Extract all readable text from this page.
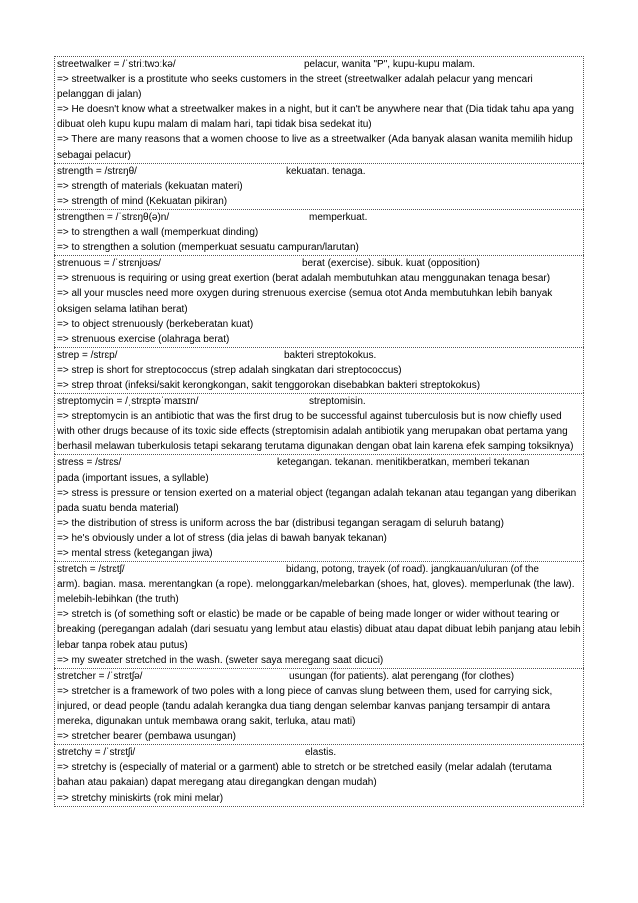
streetwalker = /ˈstriːtwɔːkə/	pelacur, wanita "P", kupu-kupu malam.
=> streetwalker is a prostitute who seeks customers in the street (streetwalker adalah pelacur yang mencari pelanggan di jalan)
=> He doesn't know what a streetwalker makes in a night, but it can't be anywhere near that (Dia tidak tahu apa yang dibuat oleh kupu kupu malam di malam hari, tapi tidak bisa sedekat itu)
=> There are many reasons that a women choose to live as a streetwalker (Ada banyak alasan wanita memilih hidup sebagai pelacur)
strength = /strɛŋθ/	kekuatan. tenaga.
=> strength of materials (kekuatan materi)
=> strength of mind (Kekuatan pikiran)
strengthen = /ˈstrɛŋθ(ə)n/	memperkuat.
=> to strengthen a wall (memperkuat dinding)
=> to strengthen a solution (memperkuat sesuatu campuran/larutan)
strenuous = /ˈstrɛnjʊəs/	berat (exercise). sibuk. kuat (opposition)
=> strenuous is requiring or using great exertion (berat adalah membutuhkan atau menggunakan tenaga besar)
=> all your muscles need more oxygen during strenuous exercise (semua otot Anda membutuhkan lebih banyak oksigen selama latihan berat)
=> to object strenuously (berkeberatan kuat)
=> strenuous exercise (olahraga berat)
strep = /strɛp/	bakteri streptokokus.
=> strep is short for streptococcus (strep adalah singkatan dari streptococcus)
=> strep throat (infeksi/sakit kerongkongan, sakit tenggorokan disebabkan bakteri streptokokus)
streptomycin = /ˌstrɛptəˈmaɪsɪn/	streptomisin.
=> streptomycin is an antibiotic that was the first drug to be successful against tuberculosis but is now chiefly used with other drugs because of its toxic side effects (streptomisin adalah antibiotik yang merupakan obat pertama yang berhasil melawan tuberkulosis tetapi sekarang terutama digunakan dengan obat lain karena efek samping toksiknya)
stress = /strɛs/	ketegangan. tekanan. menitikberatkan, memberi tekanan
pada (important issues, a syllable)
=> stress is pressure or tension exerted on a material object (tegangan adalah tekanan atau tegangan yang diberikan pada suatu benda material)
=> the distribution of stress is uniform across the bar (distribusi tegangan seragam di seluruh batang)
=> he's obviously under a lot of stress (dia jelas di bawah banyak tekanan)
=> mental stress (ketegangan jiwa)
stretch = /strɛtʃ/	bidang, potong, trayek (of road). jangkauan/uluran (of the
arm). bagian. masa. merentangkan (a rope). melonggarkan/melebarkan (shoes, hat, gloves). memperlunak (the law). melebih-lebihkan (the truth)
=> stretch is (of something soft or elastic) be made or be capable of being made longer or wider without tearing or breaking (peregangan adalah (dari sesuatu yang lembut atau elastis) dibuat atau dapat dibuat lebih panjang atau lebih lebar tanpa robek atau putus)
=> my sweater stretched in the wash. (sweter saya meregang saat dicuci)
stretcher = /ˈstrɛtʃə/	usungan (for patients). alat perengang (for clothes)
=> stretcher is a framework of two poles with a long piece of canvas slung between them, used for carrying sick, injured, or dead people (tandu adalah kerangka dua tiang dengan selembar kanvas panjang tersampir di antara mereka, digunakan untuk membawa orang sakit, terluka, atau mati)
=> stretcher bearer (pembawa usungan)
stretchy = /ˈstrɛtʃi/	elastis.
=> stretchy is (especially of material or a garment) able to stretch or be stretched easily (melar adalah (terutama bahan atau pakaian) dapat meregang atau diregangkan dengan mudah)
=> stretchy miniskirts (rok mini melar)
